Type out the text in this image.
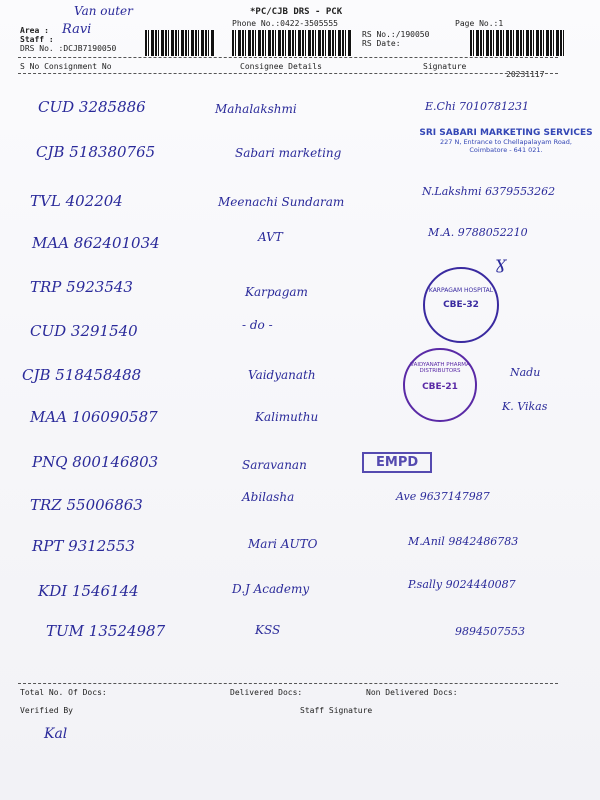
Van outer
Area : Ravi
Staff :
DRS No. :DCJB7190050
*PC/CJB DRS - PCK
Phone No.:0422-3505555
RS No.:/190050
RS Date:
Page No.:1
S No Consignment No	Consignee Details	Signature
20231117
CUD 3285886	Mahalakshmi	E.Chi 7010781231
CJB 518380765	Sabari marketing
SRI SABARI MARKETING SERVICES
227 N, Entrance to Chellapalayam Road,
Coimbatore - 641 021.
TVL 402204	Meenachi Sundaram
N.Lakshmi 6379553262
MAA 862401034	AVT	M.A. 9788052210
TRP 5923543	Karpagam
Ɣ
KARPAGAM HOSPITAL
CBE-32
CUD 3291540	- do -
CJB 518458488	Vaidyanath	Nadu
VAIDYANATH PHARMA DISTRIBUTORS
CBE-21
MAA 106090587	Kalimuthu
K. Vikas
PNQ 800146803	Saravanan	EMPD
TRZ 55006863	Abilasha	Ave 9637147987
RPT 9312553	Mari AUTO	M.Anil 9842486783
KDI 1546144	D.J Academy	P.sally 9024440087
TUM 13524987	KSS	9894507553
Total No. Of Docs:	Delivered Docs:	Non Delivered Docs:
Verified By	Staff Signature
Kal
